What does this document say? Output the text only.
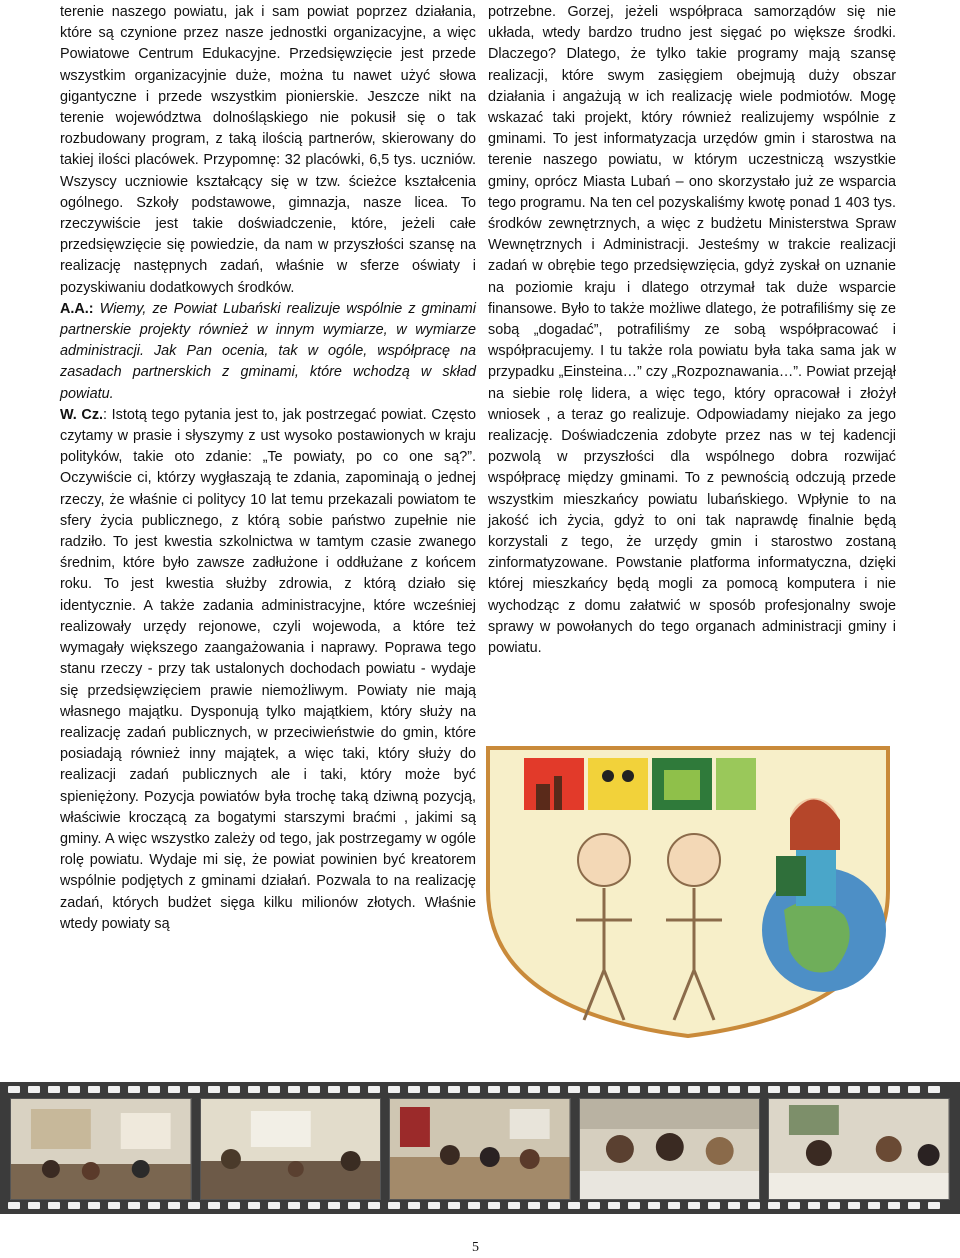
terenie naszego powiatu, jak i sam powiat poprzez działania, które są czynione przez nasze jednostki organizacyjne, a więc Powiatowe Centrum Edukacyjne. Przedsięwzięcie jest przede wszystkim organizacyjnie duże, można tu nawet użyć słowa gigantyczne i przede wszystkim pionierskie. Jeszcze nikt na terenie województwa dolnośląskiego nie pokusił się o tak rozbudowany program, z taką ilością partnerów, skierowany do takiej ilości placówek. Przypomnę: 32 placówki, 6,5 tys. uczniów. Wszyscy uczniowie kształcący się w tzw. ścieżce kształcenia ogólnego. Szkoły podstawowe, gimnazja, nasze licea. To rzeczywiście jest takie doświadczenie, które, jeżeli całe przedsięwzięcie się powiedzie, da nam w przyszłości szansę na realizację następnych zadań, właśnie w sferze oświaty i pozyskiwaniu dodatkowych środków.

A.A.: Wiemy, ze Powiat Lubański realizuje wspólnie z gminami partnerskie projekty również w innym wymiarze, w wymiarze administracji. Jak Pan ocenia, tak w ogóle, współpracę na zasadach partnerskich z gminami, które wchodzą w skład powiatu.

W. Cz.: Istotą tego pytania jest to, jak postrzegać powiat. Często czytamy w prasie i słyszymy z ust wysoko postawionych w kraju polityków, takie oto zdanie: „Te powiaty, po co one są?”. Oczywiście ci, którzy wygłaszają te zdania, zapominają o jednej rzeczy, że właśnie ci politycy 10 lat temu przekazali powiatom te sfery życia publicznego, z którą sobie państwo zupełnie nie radziło. To jest kwestia szkolnictwa w tamtym czasie zwanego średnim, które było zawsze zadłużone i oddłużane z końcem roku. To jest kwestia służby zdrowia, z którą działo się identycznie. A także zadania administracyjne, które wcześniej realizowały urzędy rejonowe, czyli wojewoda, a które też wymagały większego zaangażowania i naprawy. Poprawa tego stanu rzeczy - przy tak ustalonych dochodach powiatu - wydaje się przedsięwzięciem prawie niemożliwym. Powiaty nie mają własnego majątku. Dysponują tylko majątkiem, który służy na realizację zadań publicznych, w przeciwieństwie do gmin, które posiadają również inny majątek, a więc taki, który służy do realizacji zadań publicznych ale i taki, który może być spieniężony. Pozycja powiatów była trochę taką dziwną pozycją, właściwie kroczącą za bogatymi starszymi braćmi , jakimi są gminy. A więc wszystko zależy od tego, jak postrzegamy w ogóle rolę powiatu. Wydaje mi się, że powiat powinien być kreatorem wspólnie podjętych z gminami działań. Pozwala to na realizację zadań, których budżet sięga kilku milionów złotych. Właśnie wtedy powiaty są

potrzebne. Gorzej, jeżeli współpraca samorządów się nie układa, wtedy bardzo trudno jest sięgać po większe środki. Dlaczego? Dlatego, że tylko takie programy mają szansę realizacji, które swym zasięgiem obejmują duży obszar działania i angażują w ich realizację wiele podmiotów. Mogę wskazać taki projekt, który również realizujemy wspólnie z gminami. To jest informatyzacja urzędów gmin i starostwa na terenie naszego powiatu, w którym uczestniczą wszystkie gminy, oprócz Miasta Lubań – ono skorzystało już ze wsparcia tego programu. Na ten cel pozyskaliśmy kwotę ponad 1 403 tys. środków zewnętrznych, a więc z budżetu Ministerstwa Spraw Wewnętrznych i Administracji. Jesteśmy w trakcie realizacji zadań w obrębie tego przedsięwzięcia, gdyż zyskał on uznanie na poziomie kraju i dlatego otrzymał tak duże wsparcie finansowe. Było to także możliwe dlatego, że potrafiliśmy się ze sobą „dogadać”, potrafiliśmy ze sobą współpracować i współpracujemy. I tu także rola powiatu była taka sama jak w przypadku „Einsteina…” czy „Rozpoznawania…”. Powiat przejął na siebie rolę lidera, a więc tego, który opracował i złożył wniosek , a teraz go realizuje. Odpowiadamy niejako za jego realizację. Doświadczenia zdobyte przez nas w tej kadencji pozwolą w przyszłości dla wspólnego dobra rozwijać współpracę między gminami. To z pewnością odczują przede wszystkim mieszkańcy powiatu lubańskiego. Wpłynie to na jakość ich życia, gdyż to oni tak naprawdę finalnie będą korzystali z tego, że urzędy gmin i starostwo zostaną zinformatyzowane. Powstanie platforma informatyczna, dzięki której mieszkańcy będą mogli za pomocą komputera i nie wychodząc z domu załatwić w sposób profesjonalny swoje sprawy w powołanych do tego organach administracji gminy i powiatu.

5
